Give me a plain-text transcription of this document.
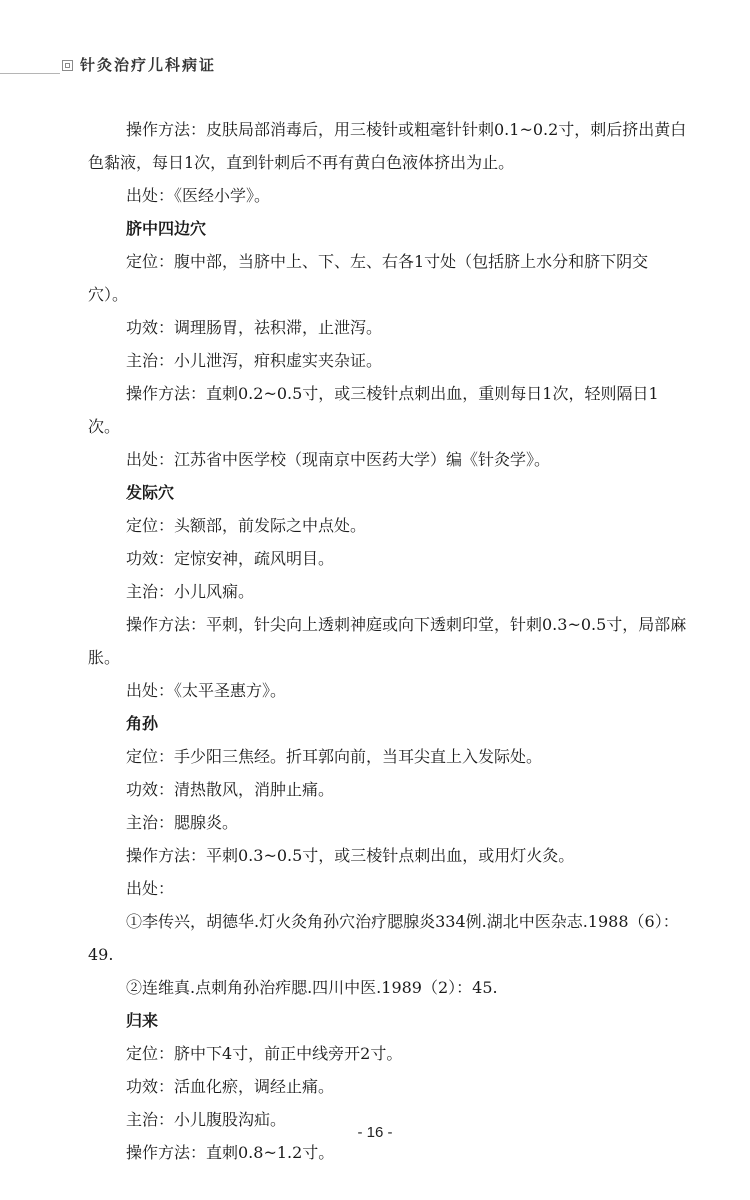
针灸治疗儿科病证

操作方法：皮肤局部消毒后，用三棱针或粗毫针针刺0.1~0.2寸，刺后挤出黄白色黏液，每日1次，直到针刺后不再有黄白色液体挤出为止。

出处：《医经小学》。

脐中四边穴

定位：腹中部，当脐中上、下、左、右各1寸处（包括脐上水分和脐下阴交穴）。

功效：调理肠胃，祛积滞，止泄泻。

主治：小儿泄泻，疳积虚实夹杂证。

操作方法：直刺0.2~0.5寸，或三棱针点刺出血，重则每日1次，轻则隔日1次。

出处：江苏省中医学校（现南京中医药大学）编《针灸学》。

发际穴

定位：头额部，前发际之中点处。

功效：定惊安神，疏风明目。

主治：小儿风痫。

操作方法：平刺，针尖向上透刺神庭或向下透刺印堂，针刺0.3~0.5寸，局部麻胀。

出处：《太平圣惠方》。

角孙

定位：手少阳三焦经。折耳郭向前，当耳尖直上入发际处。

功效：清热散风，消肿止痛。

主治：腮腺炎。

操作方法：平刺0.3~0.5寸，或三棱针点刺出血，或用灯火灸。

出处：

①李传兴，胡德华.灯火灸角孙穴治疗腮腺炎334例.湖北中医杂志.1988（6）：49.

②连维真.点刺角孙治痄腮.四川中医.1989（2）：45.

归来

定位：脐中下4寸，前正中线旁开2寸。

功效：活血化瘀，调经止痛。

主治：小儿腹股沟疝。

操作方法：直刺0.8~1.2寸。

- 16 -
